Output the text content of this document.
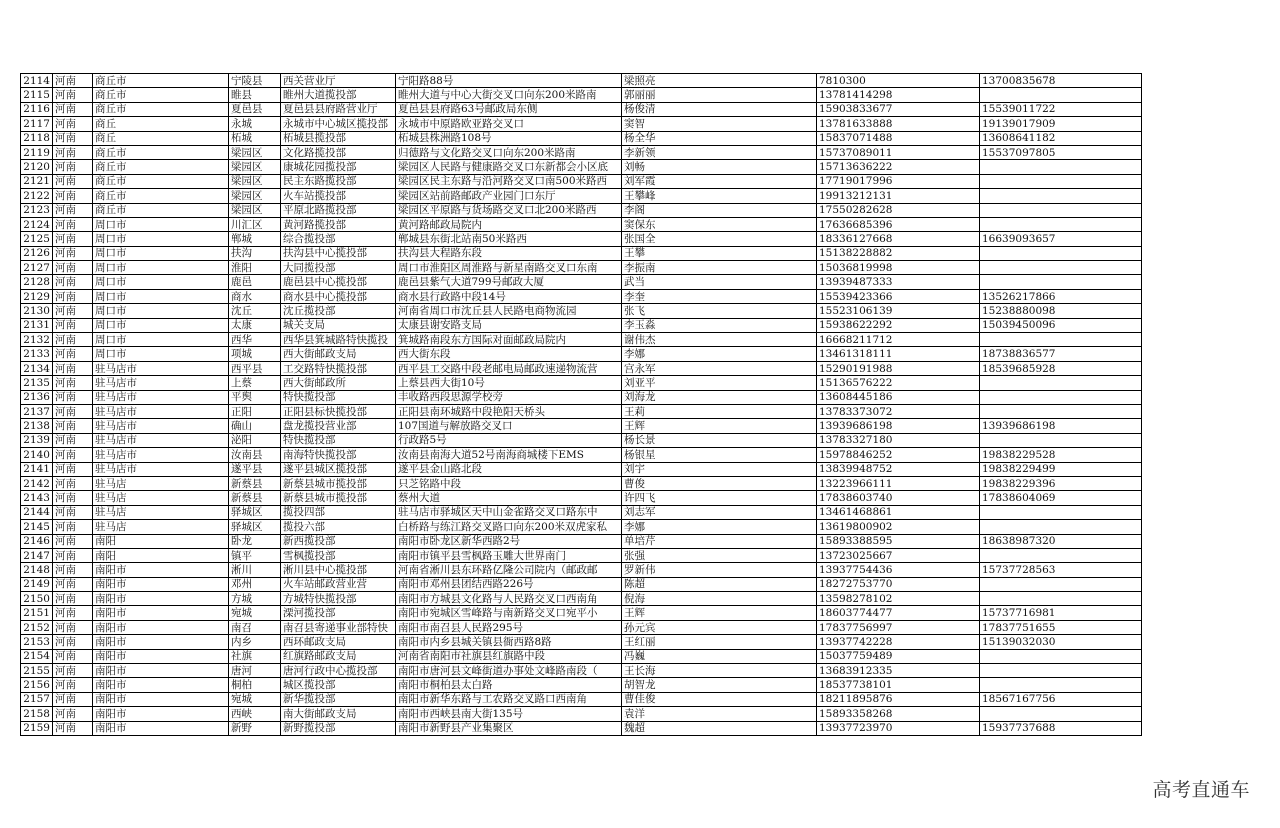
2114	河南	商丘市	宁陵县	西关营业厅	宁阳路88号	梁照亮	7810300	13700835678
2115	河南	商丘市	睢县	睢州大道揽投部	睢州大道与中心大街交叉口向东200米路南	郭丽丽	13781414298	
2116	河南	商丘市	夏邑县	夏邑县县府路营业厅	夏邑县县府路63号邮政局东侧	杨俊清	15903833677	15539011722
2117	河南	商丘	永城	永城市中心城区揽投部	永城市中原路欧亚路交叉口	窦智	13781633888	19139017909
2118	河南	商丘	柘城	柘城县揽投部	柘城县株洲路108号	杨全华	15837071488	13608641182
2119	河南	商丘市	梁园区	文化路揽投部	归德路与文化路交叉口向东200米路南	李新领	15737089011	15537097805
2120	河南	商丘市	梁园区	康城花园揽投部	梁园区人民路与健康路交叉口东新都会小区底	刘畅	15713636222	
2121	河南	商丘市	梁园区	民主东路揽投部	梁园区民主东路与沿河路交叉口南500米路西	刘军霞	17719017996	
2122	河南	商丘市	梁园区	火车站揽投部	梁园区站前路邮政产业园门口东厅	王攀峰	19913212131	
2123	河南	商丘市	梁园区	平原北路揽投部	梁园区平原路与货场路交叉口北200米路西	李阁	17550282628	
2124	河南	周口市	川汇区	黄河路揽投部	黄河路邮政局院内	窦保东	17636685396	
2125	河南	周口市	郸城	综合揽投部	郸城县东街北站南50米路西	张国全	18336127668	16639093657
2126	河南	周口市	扶沟	扶沟县中心揽投部	扶沟县大程路东段	王攀	15138228882	
2127	河南	周口市	淮阳	大同揽投部	周口市淮阳区周淮路与新星南路交叉口东南	李振南	15036819998	
2128	河南	周口市	鹿邑	鹿邑县中心揽投部	鹿邑县紫气大道799号邮政大厦	武当	13939487333	
2129	河南	周口市	商水	商水县中心揽投部	商水县行政路中段14号	李奎	15539423366	13526217866
2130	河南	周口市	沈丘	沈丘揽投部	河南省周口市沈丘县人民路电商物流园	张飞	15523106139	15238880098
2131	河南	周口市	太康	城关支局	太康县谢安路支局	李玉淼	15938622292	15039450096
2132	河南	周口市	西华	西华县箕城路特快揽投	箕城路南段东方国际对面邮政局院内	谢伟杰	16668211712	
2133	河南	周口市	项城	西大街邮政支局	西大街东段	李娜	13461318111	18738836577
2134	河南	驻马店市	西平县	工交路特快揽投部	西平县工交路中段老邮电局邮政速递物流营	宫永军	15290191988	18539685928
2135	河南	驻马店市	上蔡	西大街邮政所	上蔡县西大街10号	刘亚平	15136576222	
2136	河南	驻马店市	平舆	特快揽投部	丰收路西段思源学校旁	刘海龙	13608445186	
2137	河南	驻马店市	正阳	正阳县标快揽投部	正阳县南环城路中段艳阳天桥头	王莉	13783373072	
2138	河南	驻马店市	确山	盘龙揽投营业部	107国道与解放路交叉口	王辉	13939686198	13939686198
2139	河南	驻马店市	泌阳	特快揽投部	行政路5号	杨长景	13783327180	
2140	河南	驻马店市	汝南县	南海特快揽投部	汝南县南海大道52号南海商城楼下EMS	杨银星	15978846252	19838229528
2141	河南	驻马店市	遂平县	遂平县城区揽投部	遂平县金山路北段	刘宇	13839948752	19838229499
2142	河南	驻马店	新蔡县	新蔡县城市揽投部	只芝铭路中段	曹俊	13223966111	19838229396
2143	河南	驻马店	新蔡县	新蔡县城市揽投部	蔡州大道	许四飞	17838603740	17838604069
2144	河南	驻马店	驿城区	揽投四部	驻马店市驿城区天中山金雀路交叉口路东中	刘志军	13461468861	
2145	河南	驻马店	驿城区	揽投六部	白桥路与练江路交叉路口向东200米双虎家私	李娜	13619800902	
2146	河南	南阳	卧龙	新西揽投部	南阳市卧龙区新华西路2号	单培芹	15893388595	18638987320
2147	河南	南阳	镇平	雪枫揽投部	南阳市镇平县雪枫路玉雕大世界南门	张强	13723025667	
2148	河南	南阳市	淅川	淅川县中心揽投部	河南省淅川县东环路亿隆公司院内（邮政邮	罗新伟	13937754436	15737728563
2149	河南	南阳市	邓州	火车站邮政营业营	南阳市邓州县团结西路226号	陈超	18272753770	
2150	河南	南阳市	方城	方城特快揽投部	南阳市方城县文化路与人民路交叉口西南角	倪海	13598278102	
2151	河南	南阳市	宛城	溧河揽投部	南阳市宛城区雪峰路与南新路交叉口宛平小	王辉	18603774477	15737716981
2152	河南	南阳市	南召	南召县寄递事业部特快	南阳市南召县人民路295号	孙元宾	17837756997	17837751655
2153	河南	南阳市	内乡	西环邮政支局	南阳市内乡县城关镇县衙西路8路	王红丽	13937742228	15139032030
2154	河南	南阳市	社旗	红旗路邮政支局	河南省南阳市社旗县红旗路中段	冯巍	15037759489	
2155	河南	南阳市	唐河	唐河行政中心揽投部	南阳市唐河县文峰街道办事处文峰路南段（	王长海	13683912335	
2156	河南	南阳市	桐柏	城区揽投部	南阳市桐柏县太白路	胡智龙	18537738101	
2157	河南	南阳市	宛城	新华揽投部	南阳市新华东路与工农路交叉路口西南角	曹佳俊	18211895876	18567167756
2158	河南	南阳市	西峡	南大街邮政支局	南阳市西峡县南大街135号	袁洋	15893358268	
2159	河南	南阳市	新野	新野揽投部	南阳市新野县产业集聚区	魏超	13937723970	15937737688
高考直通车
